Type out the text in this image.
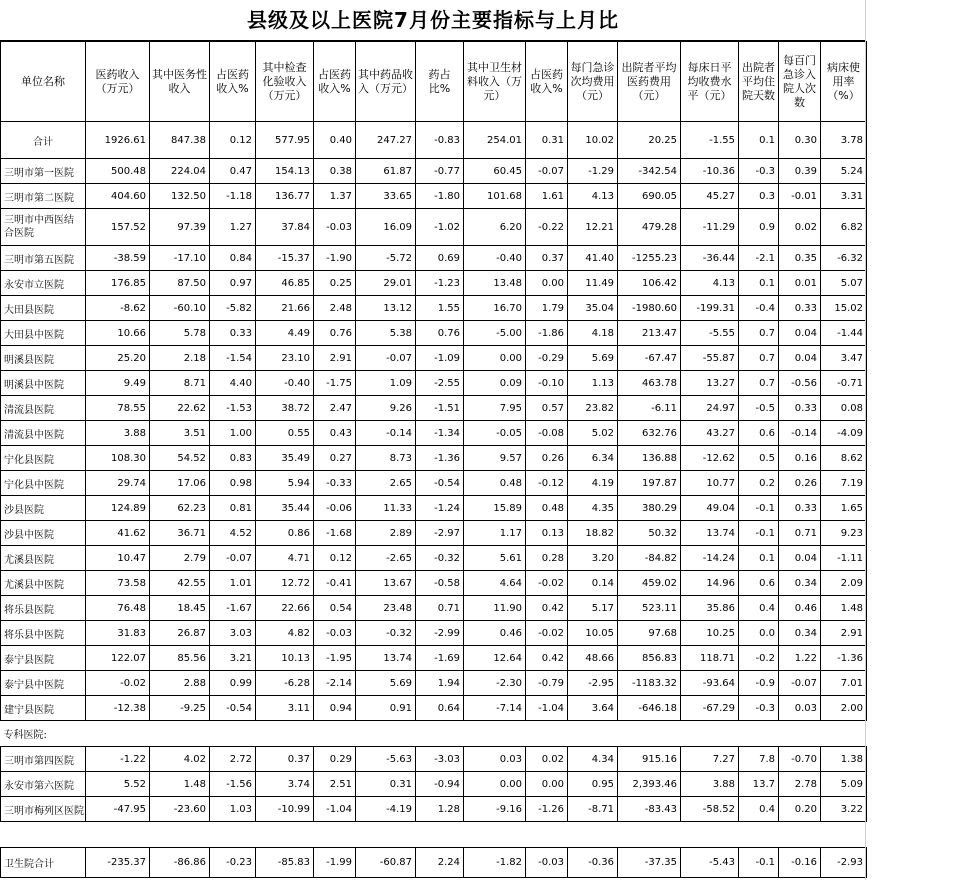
县级及以上医院7月份主要指标与上月比
单位名称	医药收入（万元）	其中医务性收入	占医药收入%	其中检查化验收入（万元）	占医药收入%	其中药品收入（万元）	药占比%	其中卫生材料收入（万元）	占医药收入%	每门急诊次均费用（元）	出院者平均医药费用（元）	每床日平均收费水平（元）	出院者平均住院天数	每百门急诊入院人次数	病床使用率（%）
合计	1926.61	847.38	0.12	577.95	0.40	247.27	-0.83	254.01	0.31	10.02	20.25	-1.55	0.1	0.30	3.78
三明市第一医院	500.48	224.04	0.47	154.13	0.38	61.87	-0.77	60.45	-0.07	-1.29	-342.54	-10.36	-0.3	0.39	5.24
三明市第二医院	404.60	132.50	-1.18	136.77	1.37	33.65	-1.80	101.68	1.61	4.13	690.05	45.27	0.3	-0.01	3.31
三明市中西医结合医院	157.52	97.39	1.27	37.84	-0.03	16.09	-1.02	6.20	-0.22	12.21	479.28	-11.29	0.9	0.02	6.82
三明市第五医院	-38.59	-17.10	0.84	-15.37	-1.90	-5.72	0.69	-0.40	0.37	41.40	-1255.23	-36.44	-2.1	0.35	-6.32
永安市立医院	176.85	87.50	0.97	46.85	0.25	29.01	-1.23	13.48	0.00	11.49	106.42	4.13	0.1	0.01	5.07
大田县医院	-8.62	-60.10	-5.82	21.66	2.48	13.12	1.55	16.70	1.79	35.04	-1980.60	-199.31	-0.4	0.33	15.02
大田县中医院	10.66	5.78	0.33	4.49	0.76	5.38	0.76	-5.00	-1.86	4.18	213.47	-5.55	0.7	0.04	-1.44
明溪县医院	25.20	2.18	-1.54	23.10	2.91	-0.07	-1.09	0.00	-0.29	5.69	-67.47	-55.87	0.7	0.04	3.47
明溪县中医院	9.49	8.71	4.40	-0.40	-1.75	1.09	-2.55	0.09	-0.10	1.13	463.78	13.27	0.7	-0.56	-0.71
清流县医院	78.55	22.62	-1.53	38.72	2.47	9.26	-1.51	7.95	0.57	23.82	-6.11	24.97	-0.5	0.33	0.08
清流县中医院	3.88	3.51	1.00	0.55	0.43	-0.14	-1.34	-0.05	-0.08	5.02	632.76	43.27	0.6	-0.14	-4.09
宁化县医院	108.30	54.52	0.83	35.49	0.27	8.73	-1.36	9.57	0.26	6.34	136.88	-12.62	0.5	0.16	8.62
宁化县中医院	29.74	17.06	0.98	5.94	-0.33	2.65	-0.54	0.48	-0.12	4.19	197.87	10.77	0.2	0.26	7.19
沙县医院	124.89	62.23	0.81	35.44	-0.06	11.33	-1.24	15.89	0.48	4.35	380.29	49.04	-0.1	0.33	1.65
沙县中医院	41.62	36.71	4.52	0.86	-1.68	2.89	-2.97	1.17	0.13	18.82	50.32	13.74	-0.1	0.71	9.23
尤溪县医院	10.47	2.79	-0.07	4.71	0.12	-2.65	-0.32	5.61	0.28	3.20	-84.82	-14.24	0.1	0.04	-1.11
尤溪县中医院	73.58	42.55	1.01	12.72	-0.41	13.67	-0.58	4.64	-0.02	0.14	459.02	14.96	0.6	0.34	2.09
将乐县医院	76.48	18.45	-1.67	22.66	0.54	23.48	0.71	11.90	0.42	5.17	523.11	35.86	0.4	0.46	1.48
将乐县中医院	31.83	26.87	3.03	4.82	-0.03	-0.32	-2.99	0.46	-0.02	10.05	97.68	10.25	0.0	0.34	2.91
泰宁县医院	122.07	85.56	3.21	10.13	-1.95	13.74	-1.69	12.64	0.42	48.66	856.83	118.71	-0.2	1.22	-1.36
泰宁县中医院	-0.02	2.88	0.99	-6.28	-2.14	5.69	1.94	-2.30	-0.79	-2.95	-1183.32	-93.64	-0.9	-0.07	7.01
建宁县医院	-12.38	-9.25	-0.54	3.11	0.94	0.91	0.64	-7.14	-1.04	3.64	-646.18	-67.29	-0.3	0.03	2.00
专科医院:															
三明市第四医院	-1.22	4.02	2.72	0.37	0.29	-5.63	-3.03	0.03	0.02	4.34	915.16	7.27	7.8	-0.70	1.38
永安市第六医院	5.52	1.48	-1.56	3.74	2.51	0.31	-0.94	0.00	0.00	0.95	2,393.46	3.88	13.7	2.78	5.09
三明市梅列区医院	-47.95	-23.60	1.03	-10.99	-1.04	-4.19	1.28	-9.16	-1.26	-8.71	-83.43	-58.52	0.4	0.20	3.22

卫生院合计	-235.37	-86.86	-0.23	-85.83	-1.99	-60.87	2.24	-1.82	-0.03	-0.36	-37.35	-5.43	-0.1	-0.16	-2.93
